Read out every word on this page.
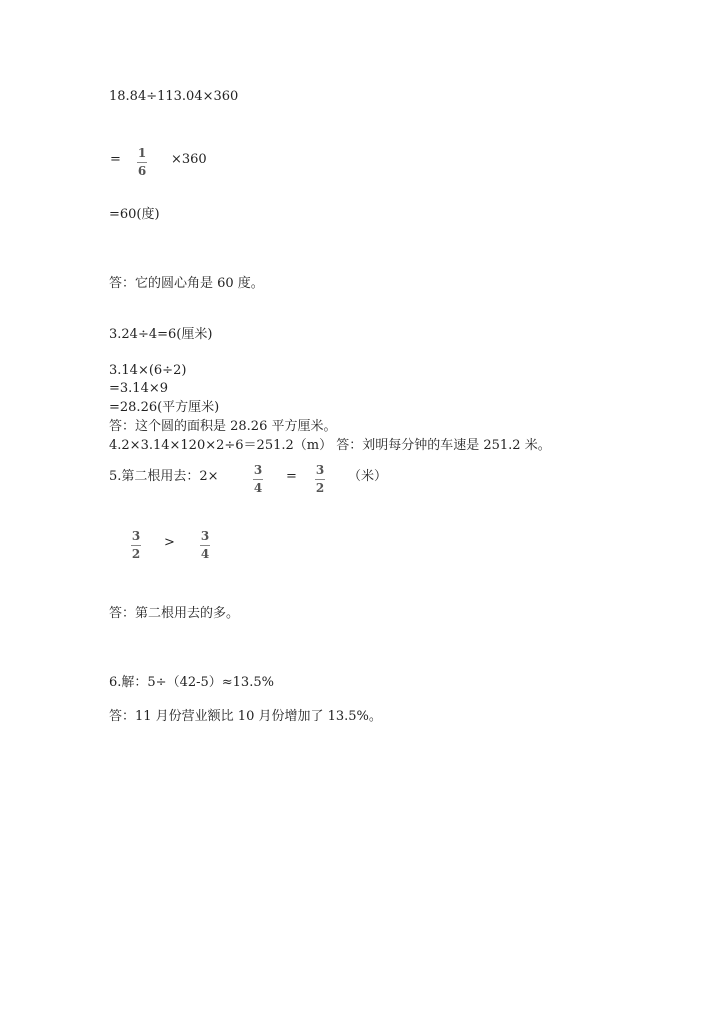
18.84÷113.04×360
= 1
6
×360
=60(度)
答：它的圆心角是 60 度。
3.24÷4=6(厘米)
3.14×(6÷2)
=3.14×9
=28.26(平方厘米)
答：这个圆的面积是 28.26 平方厘米。
4.2×3.14×120×2÷6＝251.2（m） 答：刘明每分钟的车速是 251.2 米。
5.第二根用去：2×	3
4
= 3
2
（米）
3
2
> 3
4
答：第二根用去的多。
6.解：5÷（42-5）≈13.5%
答：11 月份营业额比 10 月份增加了 13.5%。
